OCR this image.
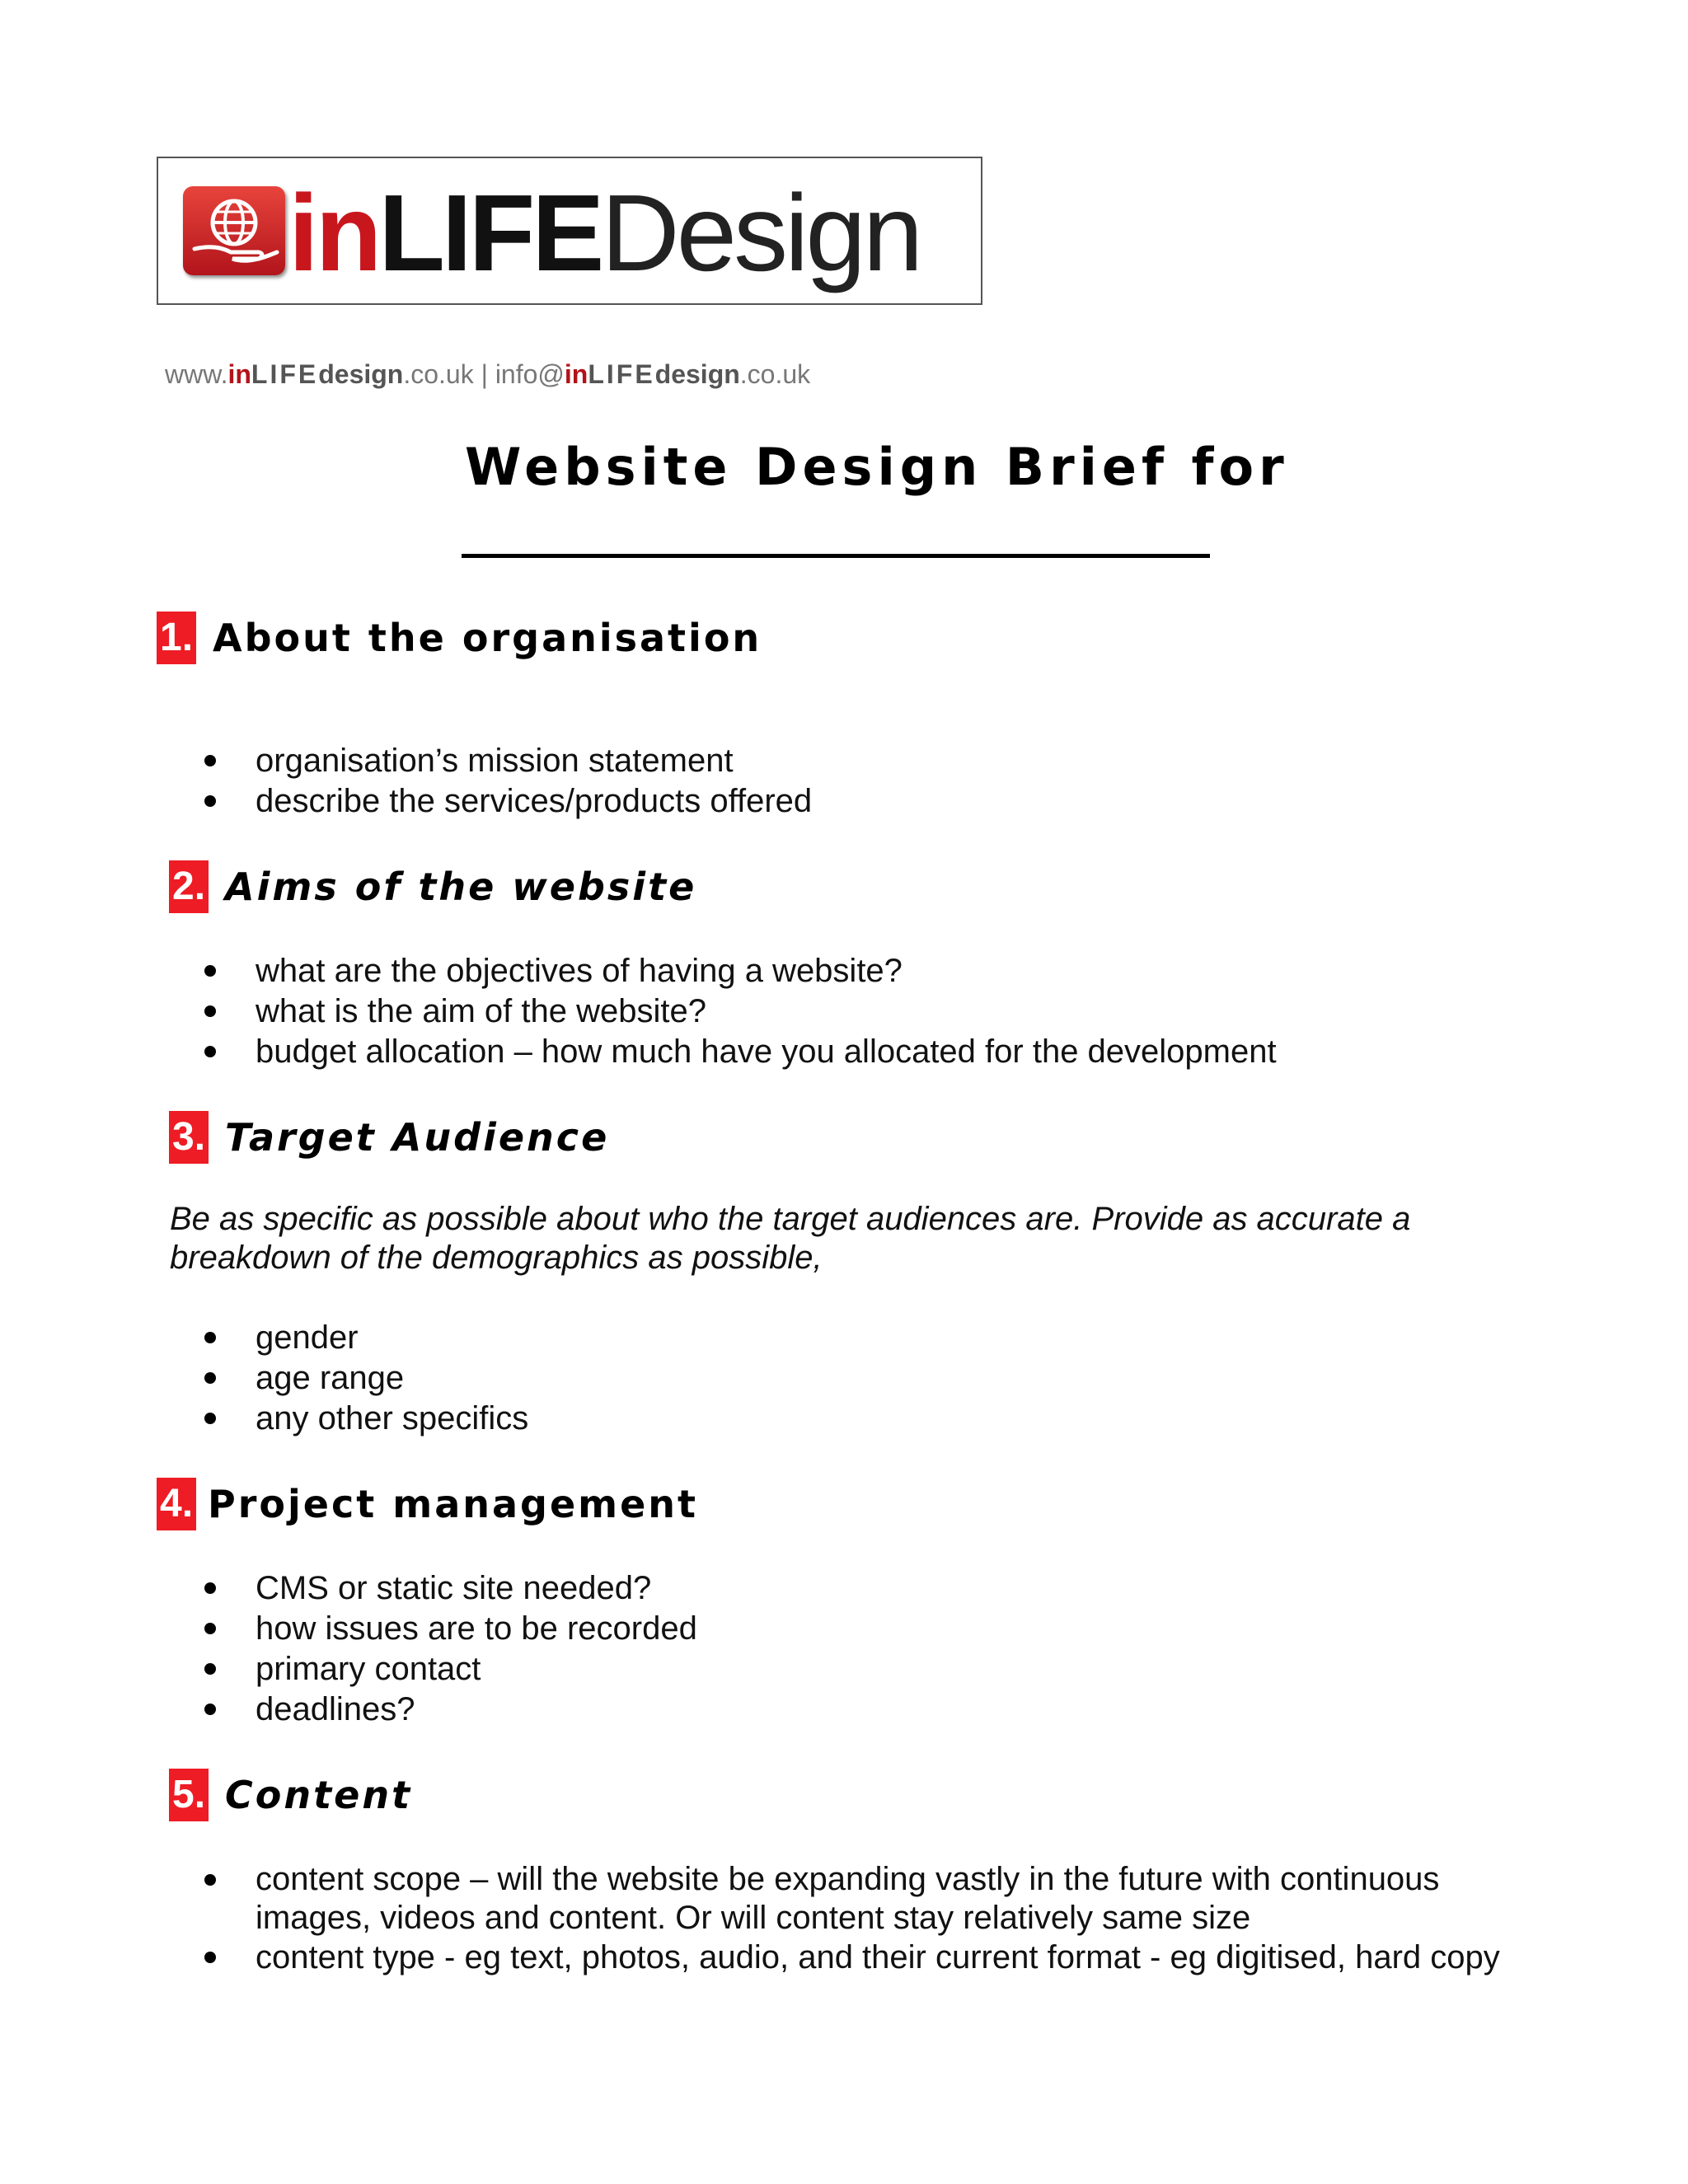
inLIFEDesign
www.inLIFEdesign.co.uk | info@inLIFEdesign.co.uk
Website Design Brief for
1. About the organisation
organisation’s mission statement
describe the services/products offered
2. Aims of the website
what are the objectives of having a website?
what is the aim of the website?
budget allocation – how much have you allocated for the development
3. Target Audience
Be as specific as possible about who the target audiences are. Provide as accurate a breakdown of the demographics as possible,
gender
age range
any other specifics
4. Project management
CMS or static site needed?
how issues are to be recorded
primary contact
deadlines?
5. Content
content scope – will the website be expanding vastly in the future with continuous images, videos and content. Or will content stay relatively same size
content type - eg text, photos, audio, and their current format - eg digitised, hard copy
